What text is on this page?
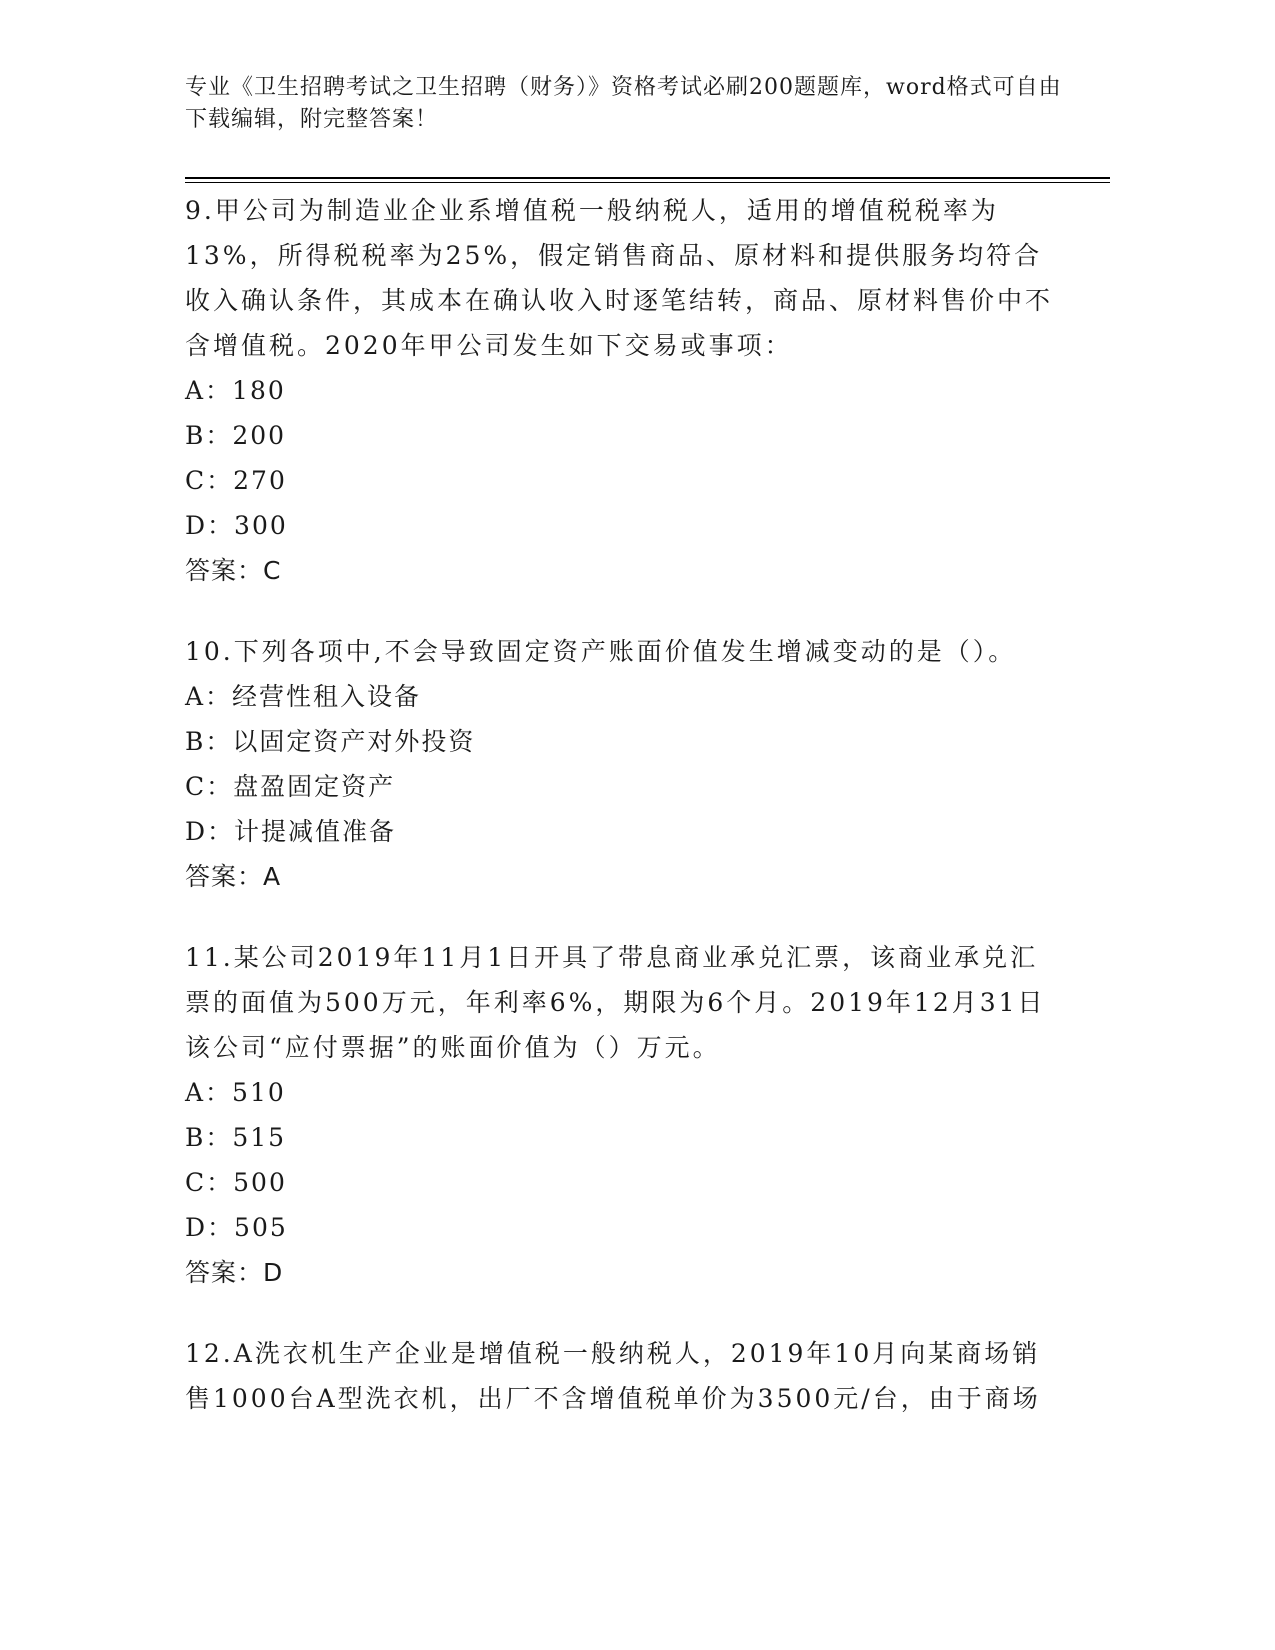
专业《卫生招聘考试之卫生招聘（财务）》资格考试必刷200题题库，word格式可自由下载编辑，附完整答案！

9.甲公司为制造业企业系增值税一般纳税人，适用的增值税税率为13%，所得税税率为25%，假定销售商品、原材料和提供服务均符合收入确认条件，其成本在确认收入时逐笔结转，商品、原材料售价中不含增值税。2020年甲公司发生如下交易或事项：

A：180

B：200

C：270

D：300

答案：C

10.下列各项中,不会导致固定资产账面价值发生增减变动的是（）。

A：经营性租入设备

B：以固定资产对外投资

C：盘盈固定资产

D：计提减值准备

答案：A

11.某公司2019年11月1日开具了带息商业承兑汇票，该商业承兑汇票的面值为500万元，年利率6%，期限为6个月。2019年12月31日该公司“应付票据”的账面价值为（）万元。

A：510

B：515

C：500

D：505

答案：D

12.A洗衣机生产企业是增值税一般纳税人，2019年10月向某商场销售1000台A型洗衣机，出厂不含增值税单价为3500元/台，由于商场
